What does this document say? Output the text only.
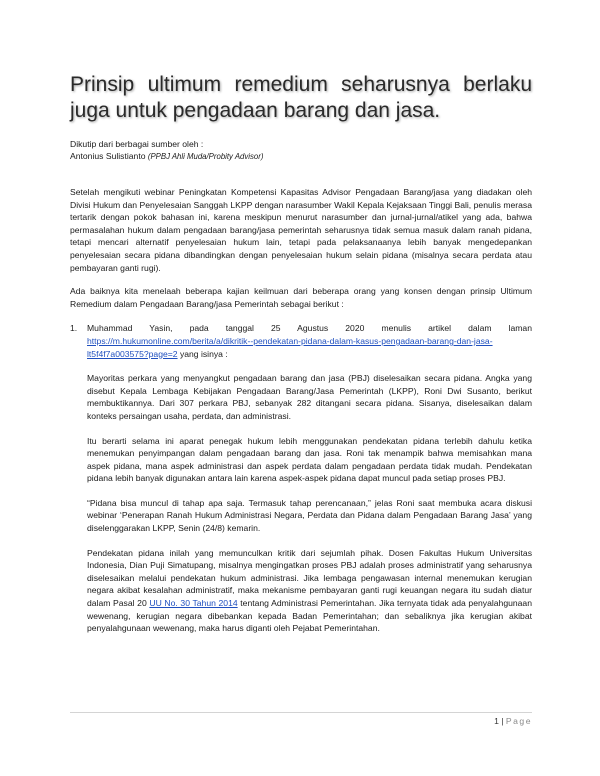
Prinsip ultimum remedium seharusnya berlaku juga untuk pengadaan barang dan jasa.
Dikutip dari berbagai sumber oleh :
Antonius Sulistianto (PPBJ Ahli Muda/Probity Advisor)

Setelah mengikuti webinar Peningkatan Kompetensi Kapasitas Advisor Pengadaan Barang/jasa yang diadakan oleh Divisi Hukum dan Penyelesaian Sanggah LKPP dengan narasumber Wakil Kepala Kejaksaan Tinggi Bali, penulis merasa tertarik dengan pokok bahasan ini, karena meskipun menurut narasumber dan jurnal-jurnal/atikel yang ada, bahwa permasalahan hukum dalam pengadaan barang/jasa pemerintah seharusnya tidak semua masuk dalam ranah pidana, tetapi mencari alternatif penyelesaian hukum lain, tetapi pada pelaksanaanya lebih banyak mengedepankan penyelesaian secara pidana dibandingkan dengan penyelesaian hukum selain pidana (misalnya secara perdata atau pembayaran ganti rugi).

Ada baiknya kita menelaah beberapa kajian keilmuan dari beberapa orang yang konsen dengan prinsip Ultimum Remedium dalam Pengadaan Barang/jasa Pemerintah sebagai berikut :

1.	Muhammad Yasin, pada tanggal 25 Agustus 2020 menulis artikel dalam laman https://m.hukumonline.com/berita/a/dikritik--pendekatan-pidana-dalam-kasus-pengadaan-barang-dan-jasa-lt5f4f7a003575?page=2 yang isinya :

Mayoritas perkara yang menyangkut pengadaan barang dan jasa (PBJ) diselesaikan secara pidana. Angka yang disebut Kepala Lembaga Kebijakan Pengadaan Barang/Jasa Pemerintah (LKPP), Roni Dwi Susanto, berikut membuktikannya. Dari 307 perkara PBJ, sebanyak 282 ditangani secara pidana. Sisanya, diselesaikan dalam konteks persaingan usaha, perdata, dan administrasi.

Itu berarti selama ini aparat penegak hukum lebih menggunakan pendekatan pidana terlebih dahulu ketika menemukan penyimpangan dalam pengadaan barang dan jasa. Roni tak menampik bahwa memisahkan mana aspek pidana, mana aspek administrasi dan aspek perdata dalam pengadaan perdata tidak mudah. Pendekatan pidana lebih banyak digunakan antara lain karena aspek-aspek pidana dapat muncul pada setiap proses PBJ.

“Pidana bisa muncul di tahap apa saja. Termasuk tahap perencanaan,” jelas Roni saat membuka acara diskusi webinar ‘Penerapan Ranah Hukum Administrasi Negara, Perdata dan Pidana dalam Pengadaan Barang Jasa’ yang diselenggarakan LKPP, Senin (24/8) kemarin.

Pendekatan pidana inilah yang memunculkan kritik dari sejumlah pihak. Dosen Fakultas Hukum Universitas Indonesia, Dian Puji Simatupang, misalnya mengingatkan proses PBJ adalah proses administratif yang seharusnya diselesaikan melalui pendekatan hukum administrasi. Jika lembaga pengawasan internal menemukan kerugian negara akibat kesalahan administratif, maka mekanisme pembayaran ganti rugi keuangan negara itu sudah diatur dalam Pasal 20 UU No. 30 Tahun 2014 tentang Administrasi Pemerintahan. Jika ternyata tidak ada penyalahgunaan wewenang, kerugian negara dibebankan kepada Badan Pemerintahan; dan sebaliknya jika kerugian akibat penyalahgunaan wewenang, maka harus diganti oleh Pejabat Pemerintahan.

1 | Page
